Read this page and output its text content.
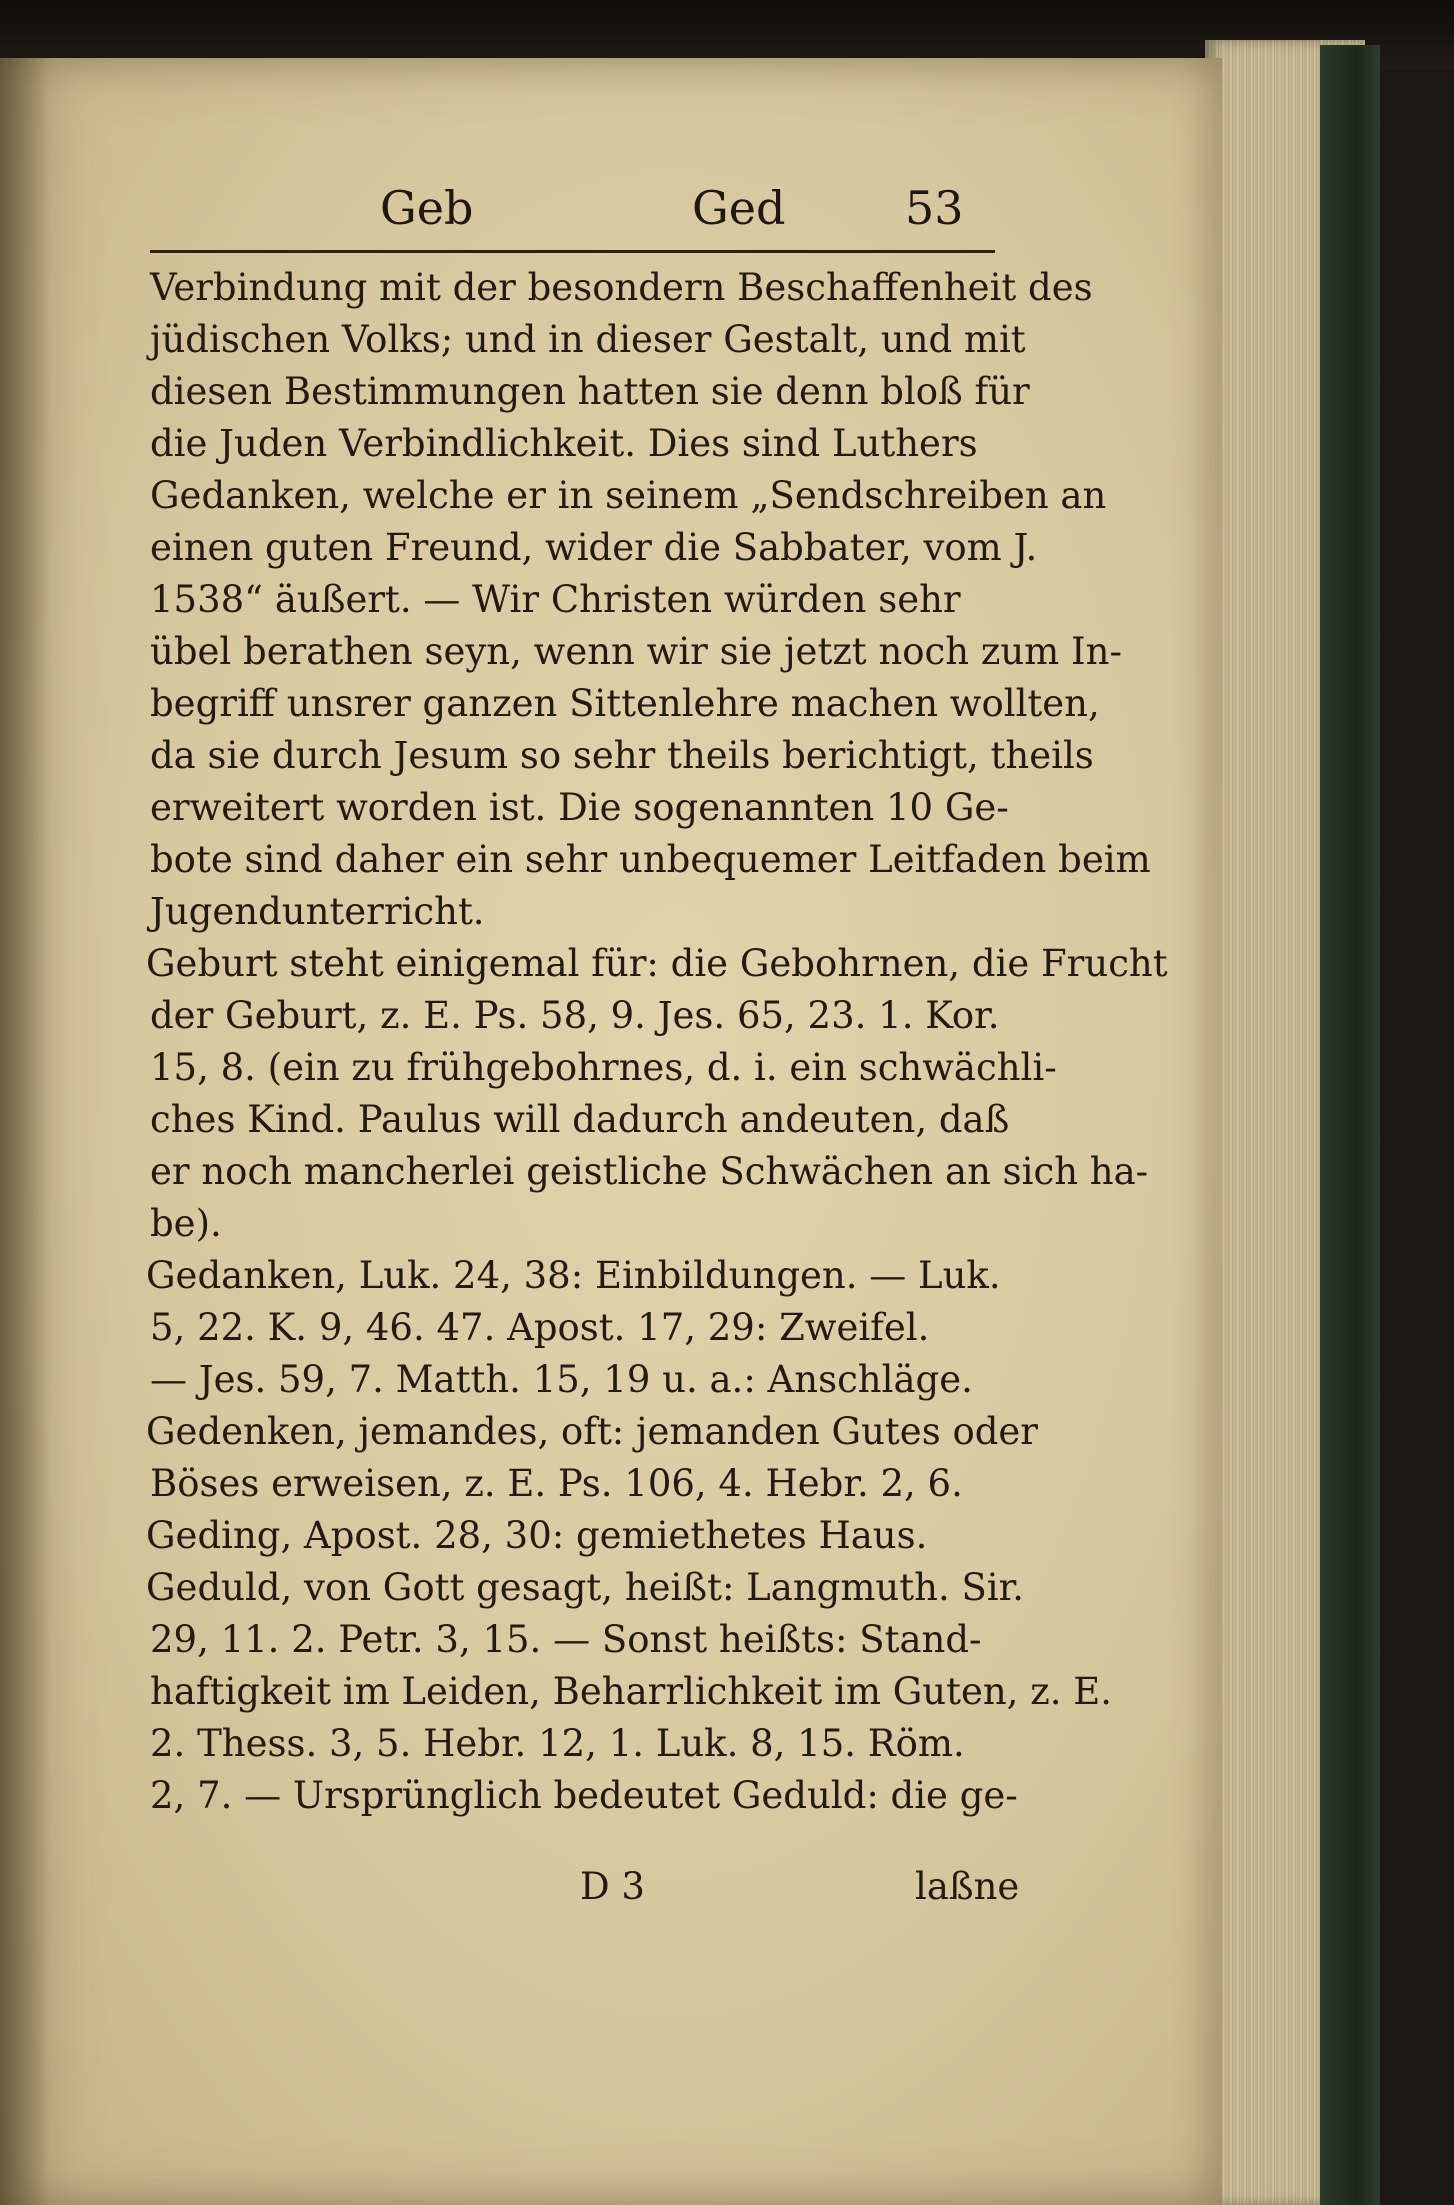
Geb	Ged	53
Verbindung mit der besondern Beschaffenheit des
jüdischen Volks; und in dieser Gestalt, und mit
diesen Bestimmungen hatten sie denn bloß für
die Juden Verbindlichkeit. Dies sind Luthers
Gedanken, welche er in seinem „Sendschreiben an
einen guten Freund, wider die Sabbater, vom J.
1538“ äußert. — Wir Christen würden sehr
übel berathen seyn, wenn wir sie jetzt noch zum In-
begriff unsrer ganzen Sittenlehre machen wollten,
da sie durch Jesum so sehr theils berichtigt, theils
erweitert worden ist. Die sogenannten 10 Ge-
bote sind daher ein sehr unbequemer Leitfaden beim
Jugendunterricht.
Geburt steht einigemal für: die Gebohrnen, die Frucht
der Geburt, z. E. Ps. 58, 9. Jes. 65, 23. 1. Kor.
15, 8. (ein zu frühgebohrnes, d. i. ein schwächli-
ches Kind. Paulus will dadurch andeuten, daß
er noch mancherlei geistliche Schwächen an sich ha-
be).
Gedanken, Luk. 24, 38: Einbildungen. — Luk.
5, 22. K. 9, 46. 47. Apost. 17, 29: Zweifel.
— Jes. 59, 7. Matth. 15, 19 u. a.: Anschläge.
Gedenken, jemandes, oft: jemanden Gutes oder
Böses erweisen, z. E. Ps. 106, 4. Hebr. 2, 6.
Geding, Apost. 28, 30: gemiethetes Haus.
Geduld, von Gott gesagt, heißt: Langmuth. Sir.
29, 11. 2. Petr. 3, 15. — Sonst heißts: Stand-
haftigkeit im Leiden, Beharrlichkeit im Guten, z. E.
2. Thess. 3, 5. Hebr. 12, 1. Luk. 8, 15. Röm.
2, 7. — Ursprünglich bedeutet Geduld: die ge-
D 3	laßne
